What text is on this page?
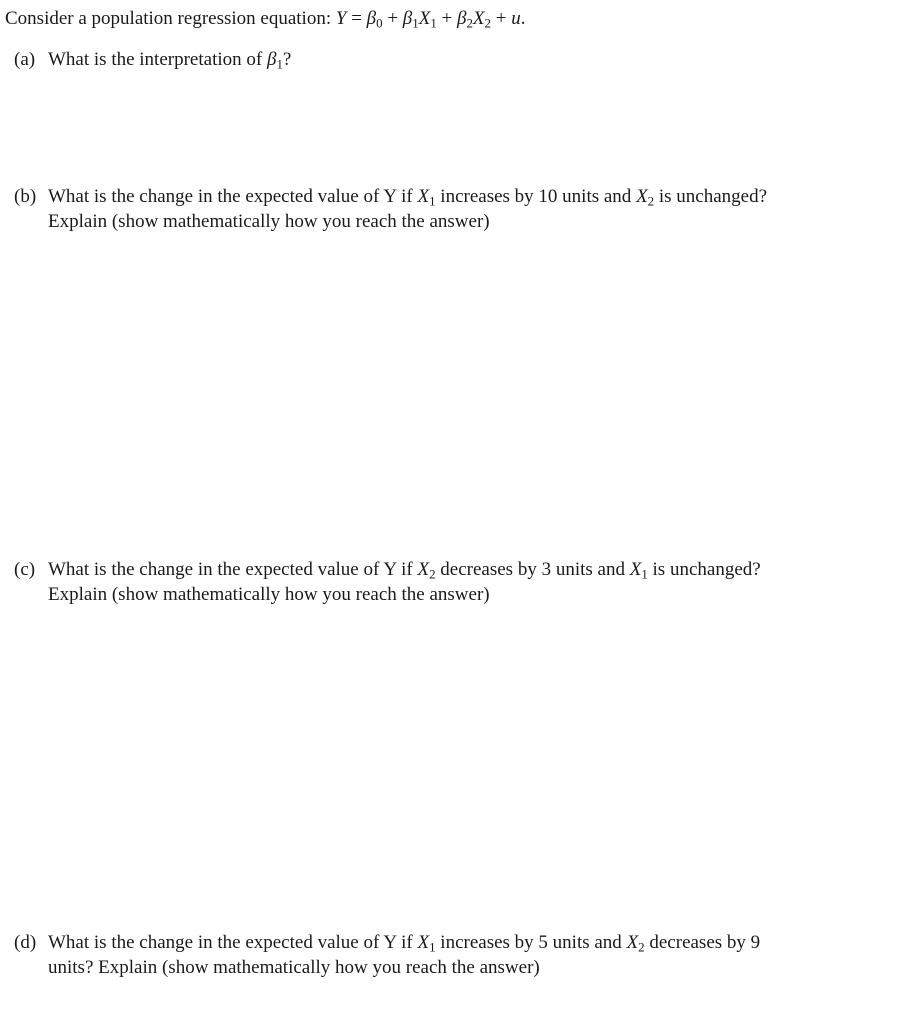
Consider a population regression equation: $Y = \beta_0 + \beta_1X_1 + \beta_2X_2 + u$.
(a) What is the interpretation of $\beta_1$?
(b) What is the change in the expected value of Y if $X_1$ increases by 10 units and $X_2$ is unchanged?
Explain (show mathematically how you reach the answer)
(c) What is the change in the expected value of Y if $X_2$ decreases by 3 units and $X_1$ is unchanged?
Explain (show mathematically how you reach the answer)
(d) What is the change in the expected value of Y if $X_1$ increases by 5 units and $X_2$ decreases by 9
units? Explain (show mathematically how you reach the answer)
